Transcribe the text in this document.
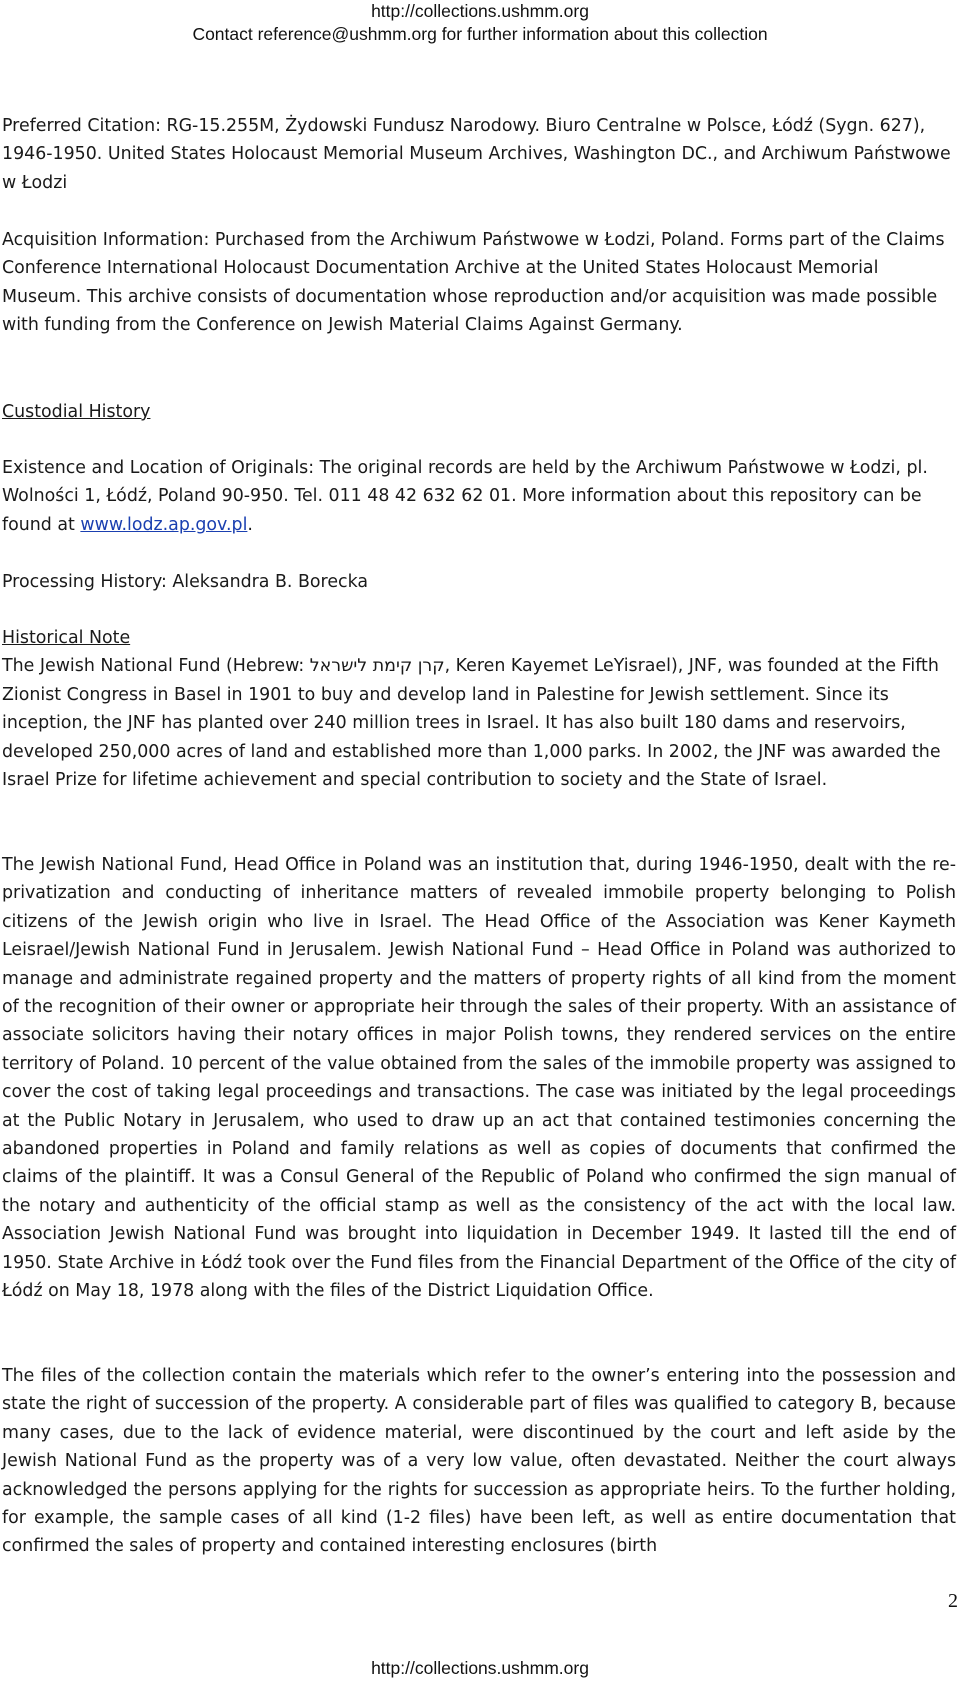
http://collections.ushmm.org
Contact reference@ushmm.org for further information about this collection

Preferred Citation: RG-15.255M, Żydowski Fundusz Narodowy. Biuro Centralne w Polsce, Łódź (Sygn. 627), 1946-1950. United States Holocaust Memorial Museum Archives, Washington DC., and Archiwum Państwowe w Łodzi

Acquisition Information: Purchased from the Archiwum Państwowe w Łodzi, Poland. Forms part of the Claims Conference International Holocaust Documentation Archive at the United States Holocaust Memorial Museum. This archive consists of documentation whose reproduction and/or acquisition was made possible with funding from the Conference on Jewish Material Claims Against Germany.

Custodial History

Existence and Location of Originals: The original records are held by the Archiwum Państwowe w Łodzi, pl. Wolności 1, Łódź, Poland 90-950. Tel. 011 48 42 632 62 01. More information about this repository can be found at www.lodz.ap.gov.pl.

Processing History: Aleksandra B. Borecka

Historical Note

The Jewish National Fund (Hebrew: קרן קימת לישראל, Keren Kayemet LeYisrael), JNF, was founded at the Fifth Zionist Congress in Basel in 1901 to buy and develop land in Palestine for Jewish settlement. Since its inception, the JNF has planted over 240 million trees in Israel. It has also built 180 dams and reservoirs, developed 250,000 acres of land and established more than 1,000 parks. In 2002, the JNF was awarded the Israel Prize for lifetime achievement and special contribution to society and the State of Israel.

The Jewish National Fund, Head Office in Poland was an institution that, during 1946-1950, dealt with the re-privatization and conducting of inheritance matters of revealed immobile property belonging to Polish citizens of the Jewish origin who live in Israel. The Head Office of the Association was Kener Kaymeth Leisrael/Jewish National Fund in Jerusalem. Jewish National Fund – Head Office in Poland was authorized to manage and administrate regained property and the matters of property rights of all kind from the moment of the recognition of their owner or appropriate heir through the sales of their property. With an assistance of associate solicitors having their notary offices in major Polish towns, they rendered services on the entire territory of Poland. 10 percent of the value obtained from the sales of the immobile property was assigned to cover the cost of taking legal proceedings and transactions. The case was initiated by the legal proceedings at the Public Notary in Jerusalem, who used to draw up an act that contained testimonies concerning the abandoned properties in Poland and family relations as well as copies of documents that confirmed the claims of the plaintiff. It was a Consul General of the Republic of Poland who confirmed the sign manual of the notary and authenticity of the official stamp as well as the consistency of the act with the local law. Association Jewish National Fund was brought into liquidation in December 1949. It lasted till the end of 1950. State Archive in Łódź took over the Fund files from the Financial Department of the Office of the city of Łódź on May 18, 1978 along with the files of the District Liquidation Office.

The files of the collection contain the materials which refer to the owner’s entering into the possession and state the right of succession of the property. A considerable part of files was qualified to category B, because many cases, due to the lack of evidence material, were discontinued by the court and left aside by the Jewish National Fund as the property was of a very low value, often devastated. Neither the court always acknowledged the persons applying for the rights for succession as appropriate heirs. To the further holding, for example, the sample cases of all kind (1-2 files) have been left, as well as entire documentation that confirmed the sales of property and contained interesting enclosures (birth

2
http://collections.ushmm.org
